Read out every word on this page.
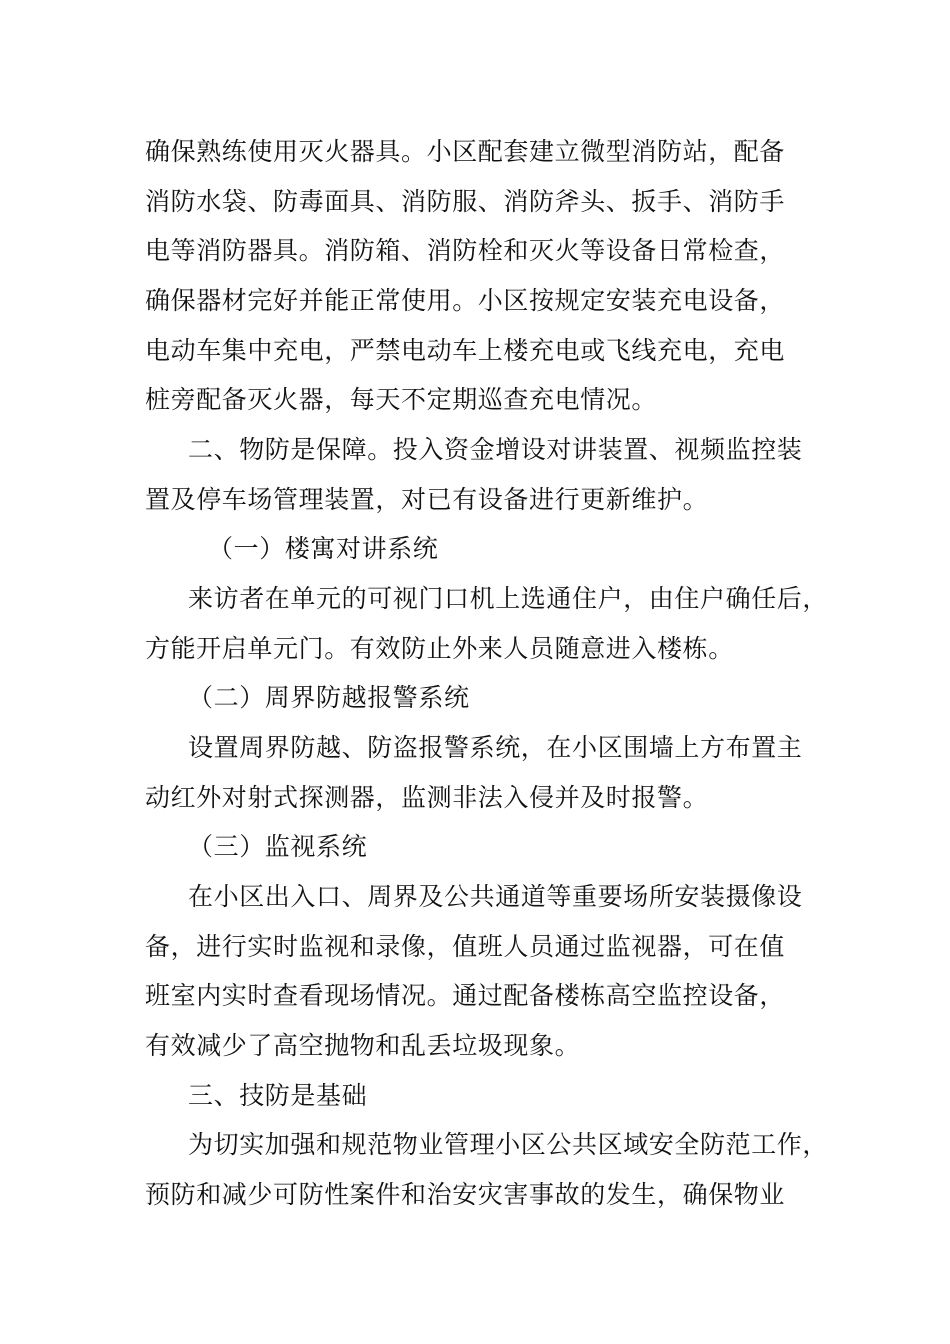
确保熟练使用灭火器具。小区配套建立微型消防站，配备
消防水袋、防毒面具、消防服、消防斧头、扳手、消防手
电等消防器具。消防箱、消防栓和灭火等设备日常检查，
确保器材完好并能正常使用。小区按规定安装充电设备，
电动车集中充电，严禁电动车上楼充电或飞线充电，充电
桩旁配备灭火器，每天不定期巡查充电情况。
二、物防是保障。投入资金增设对讲装置、视频监控装
置及停车场管理装置，对已有设备进行更新维护。
（一）楼寓对讲系统
来访者在单元的可视门口机上选通住户，由住户确任后，
方能开启单元门。有效防止外来人员随意进入楼栋。
（二）周界防越报警系统
设置周界防越、防盗报警系统，在小区围墙上方布置主
动红外对射式探测器，监测非法入侵并及时报警。
（三）监视系统
在小区出入口、周界及公共通道等重要场所安装摄像设
备，进行实时监视和录像，值班人员通过监视器，可在值
班室内实时查看现场情况。通过配备楼栋高空监控设备，
有效减少了高空抛物和乱丢垃圾现象。
三、技防是基础
为切实加强和规范物业管理小区公共区域安全防范工作，
预防和减少可防性案件和治安灾害事故的发生，确保物业
